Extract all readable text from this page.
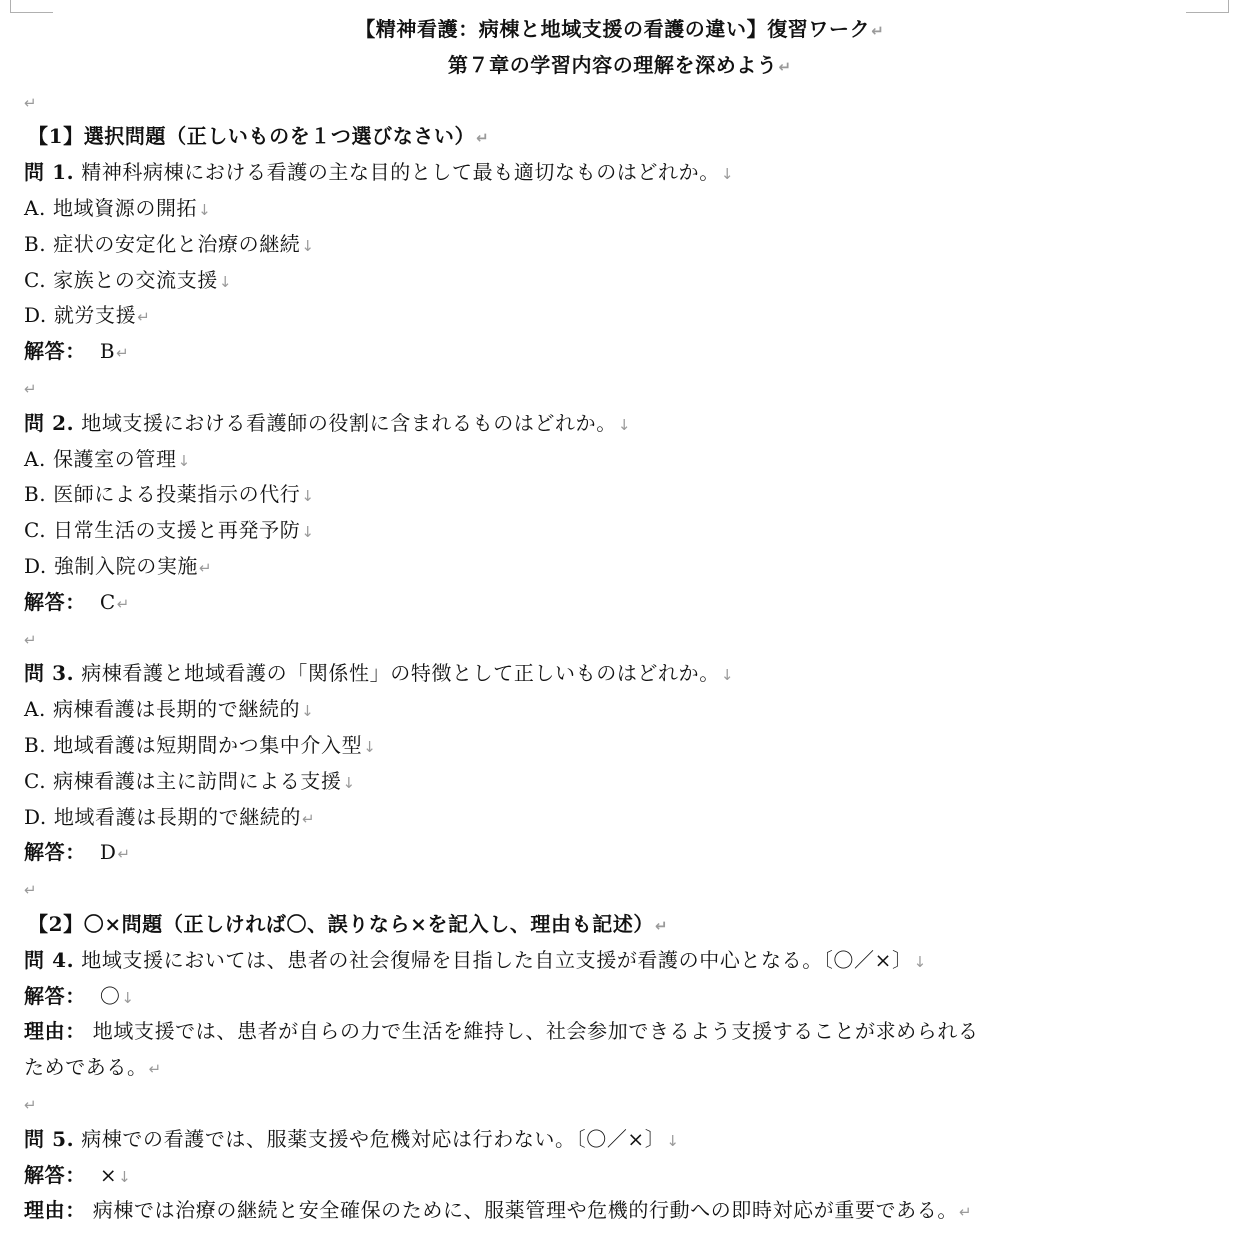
【精神看護：病棟と地域支援の看護の違い】復習ワーク↵
第７章の学習内容の理解を深めよう↵
↵
【1】選択問題（正しいものを１つ選びなさい）↵
問 1. 精神科病棟における看護の主な目的として最も適切なものはどれか。↓
A. 地域資源の開拓↓
B. 症状の安定化と治療の継続↓
C. 家族との交流支援↓
D. 就労支援↵
解答： B↵
↵
問 2. 地域支援における看護師の役割に含まれるものはどれか。↓
A. 保護室の管理↓
B. 医師による投薬指示の代行↓
C. 日常生活の支援と再発予防↓
D. 強制入院の実施↵
解答： C↵
↵
問 3. 病棟看護と地域看護の「関係性」の特徴として正しいものはどれか。↓
A. 病棟看護は長期的で継続的↓
B. 地域看護は短期間かつ集中介入型↓
C. 病棟看護は主に訪問による支援↓
D. 地域看護は長期的で継続的↵
解答： D↵
↵
【2】〇×問題（正しければ〇、誤りなら×を記入し、理由も記述）↵
問 4. 地域支援においては、患者の社会復帰を目指した自立支援が看護の中心となる。〔〇／×〕↓
解答： 〇↓
理由： 地域支援では、患者が自らの力で生活を維持し、社会参加できるよう支援することが求められる
ためである。↵
↵
問 5. 病棟での看護では、服薬支援や危機対応は行わない。〔〇／×〕↓
解答： ×↓
理由： 病棟では治療の継続と安全確保のために、服薬管理や危機的行動への即時対応が重要である。↵
